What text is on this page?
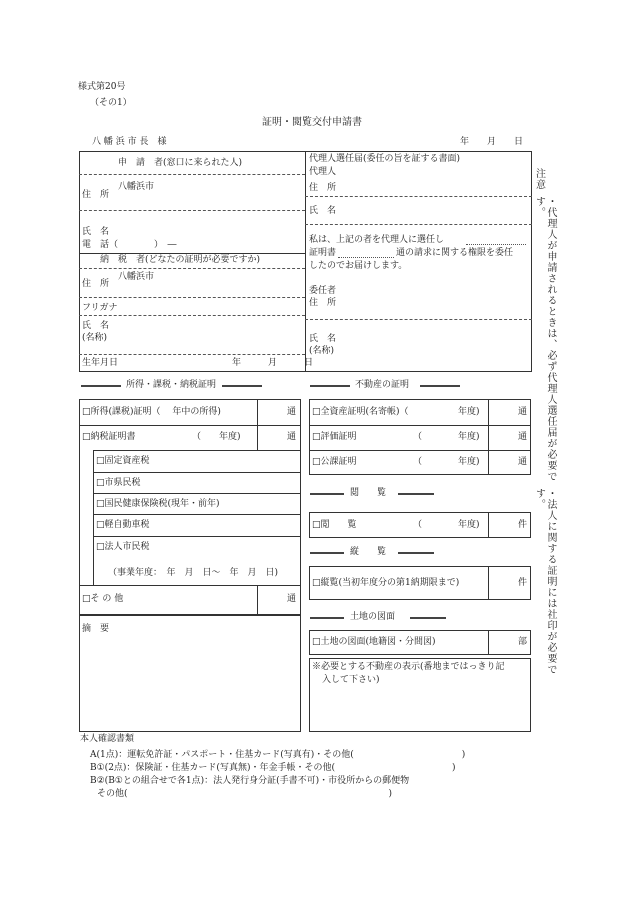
様式第20号
（その1）
証明・閲覧交付申請書
八 幡 浜 市 長　様	年　　月　　日
申　請　者(窓口に来られた人)
八幡浜市
住　所
氏　名
電　話（　　　　）　―
納　税　者(どなたの証明が必要ですか)
八幡浜市
住　所
フリガナ
氏　名
(名称)
生年月日	年　　　月　　　日
代理人選任届(委任の旨を証する書面)
代理人
住　所
氏　名
私は、上記の者を代理人に選任し
証明書	通の請求に関する権限を委任
したのでお届けします。
委任者
住　所
氏　名
(名称)
所得・課税・納税証明	不動産の証明
□所得(課税)証明（　 年中の所得)	通
□納税証明書	（　　年度)	通
□固定資産税
□市県民税
□国民健康保険税(現年・前年)
□軽自動車税
□法人市民税
（事業年度：　年　月　日～　年　月　日)
□そ の 他	通
摘　要
□全資産証明(名寄帳)（	年度)	通
□評価証明	（　　　　年度)	通
□公課証明	（　　　　年度)	通
閲　　覧
□閲　　覧	（　　　　年度)	件
縦　　覧
□縦覧(当初年度分の第1納期限まで)	件
土地の図面
□土地の図面(地籍図・分間図)	部
※必要とする不動産の表示(番地まではっきり記
入して下さい)
本人確認書類
A(1点)：運転免許証・パスポート・住基カード(写真有)・その他(　　　　　　　　　　　　)
B①(2点)：保険証・住基カード(写真無)・年金手帳・その他(　　　　　　　　　　　　　)
B②(B①との組合せで各1点)：法人発行身分証(手書不可)・市役所からの郵便物
その他(　　　　　　　　　　　　　　　　　　　　　　　　　　　　　)
注意
・代理人が申請されるときは、必ず代理人選任届が必要です。
・法人に関する証明には社印が必要です。
